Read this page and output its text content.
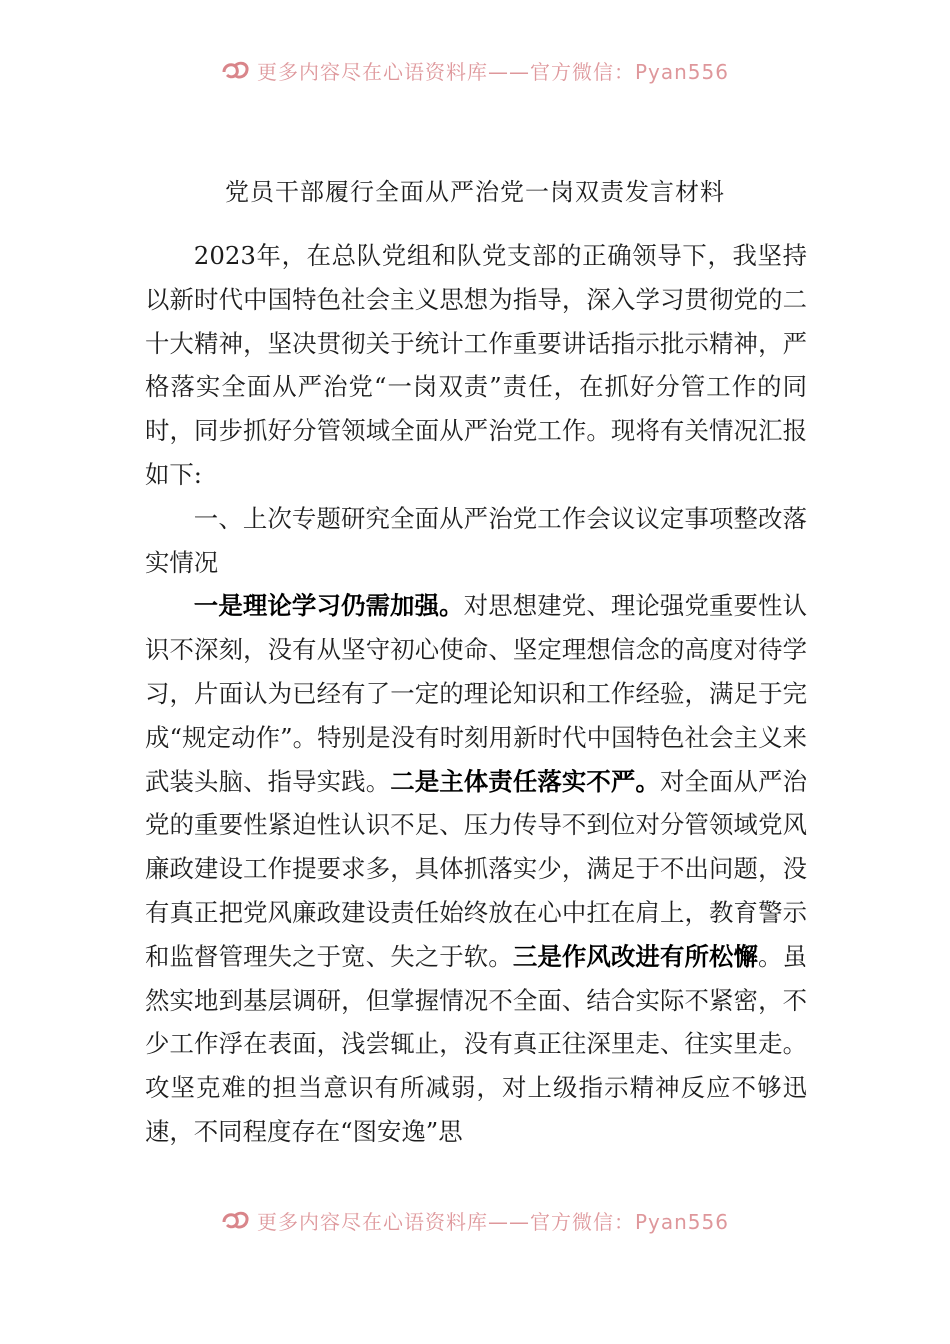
更多内容尽在心语资料库——官方微信：Pyan556
党员干部履行全面从严治党一岗双责发言材料

2023年，在总队党组和队党支部的正确领导下，我坚持以新时代中国特色社会主义思想为指导，深入学习贯彻党的二十大精神，坚决贯彻关于统计工作重要讲话指示批示精神，严格落实全面从严治党“一岗双责”责任，在抓好分管工作的同时，同步抓好分管领域全面从严治党工作。现将有关情况汇报如下:

一、上次专题研究全面从严治党工作会议议定事项整改落实情况

一是理论学习仍需加强。对思想建党、理论强党重要性认识不深刻，没有从坚守初心使命、坚定理想信念的高度对待学习，片面认为已经有了一定的理论知识和工作经验，满足于完成“规定动作”。特别是没有时刻用新时代中国特色社会主义来武装头脑、指导实践。二是主体责任落实不严。对全面从严治党的重要性紧迫性认识不足、压力传导不到位对分管领域党风廉政建设工作提要求多，具体抓落实少，满足于不出问题，没有真正把党风廉政建设责任始终放在心中扛在肩上，教育警示和监督管理失之于宽、失之于软。三是作风改进有所松懈。虽然实地到基层调研，但掌握情况不全面、结合实际不紧密，不少工作浮在表面，浅尝辄止，没有真正往深里走、往实里走。攻坚克难的担当意识有所减弱，对上级指示精神反应不够迅速，不同程度存在“图安逸”思

更多内容尽在心语资料库——官方微信：Pyan556
